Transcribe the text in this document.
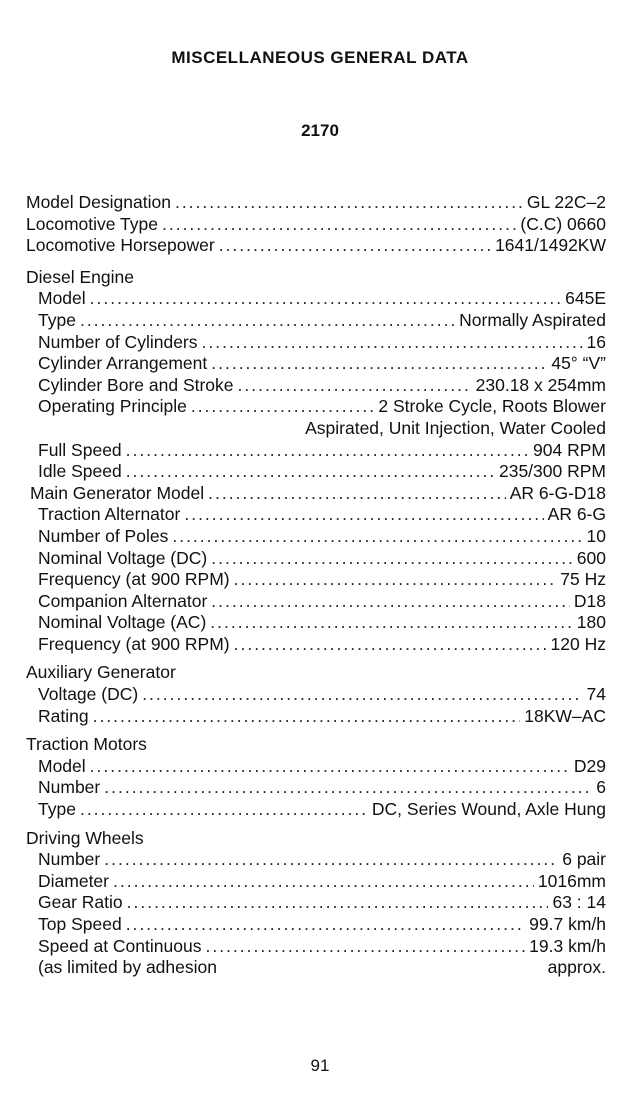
MISCELLANEOUS GENERAL DATA
2170
Model Designation .....	GL 22C–2
Locomotive Type .....	(C.C) 0660
Locomotive Horsepower .....	1641/1492KW
Diesel Engine
Model .....	645E
Type .....	Normally Aspirated
Number of Cylinders .....	16
Cylinder Arrangement .....	45° “V”
Cylinder Bore and Stroke .....	230.18 x 254mm
Operating Principle .....	2 Stroke Cycle, Roots Blower
Aspirated, Unit Injection, Water Cooled
Full Speed .....	904 RPM
Idle Speed .....	235/300 RPM
Main Generator Model .....	AR 6-G-D18
Traction Alternator .....	AR 6-G
Number of Poles .....	10
Nominal Voltage (DC) .....	600
Frequency (at 900 RPM) .....	75 Hz
Companion Alternator .....	D18
Nominal Voltage (AC) .....	180
Frequency (at 900 RPM) .....	120 Hz
Auxiliary Generator
Voltage (DC) .....	74
Rating .....	18KW–AC
Traction Motors
Model .....	D29
Number .....	6
Type .....	DC, Series Wound, Axle Hung
Driving Wheels
Number .....	6 pair
Diameter .....	1016mm
Gear Ratio .....	63 : 14
Top Speed .....	99.7 km/h
Speed at Continuous .....	19.3 km/h
(as limited by adhesion	approx.
91
